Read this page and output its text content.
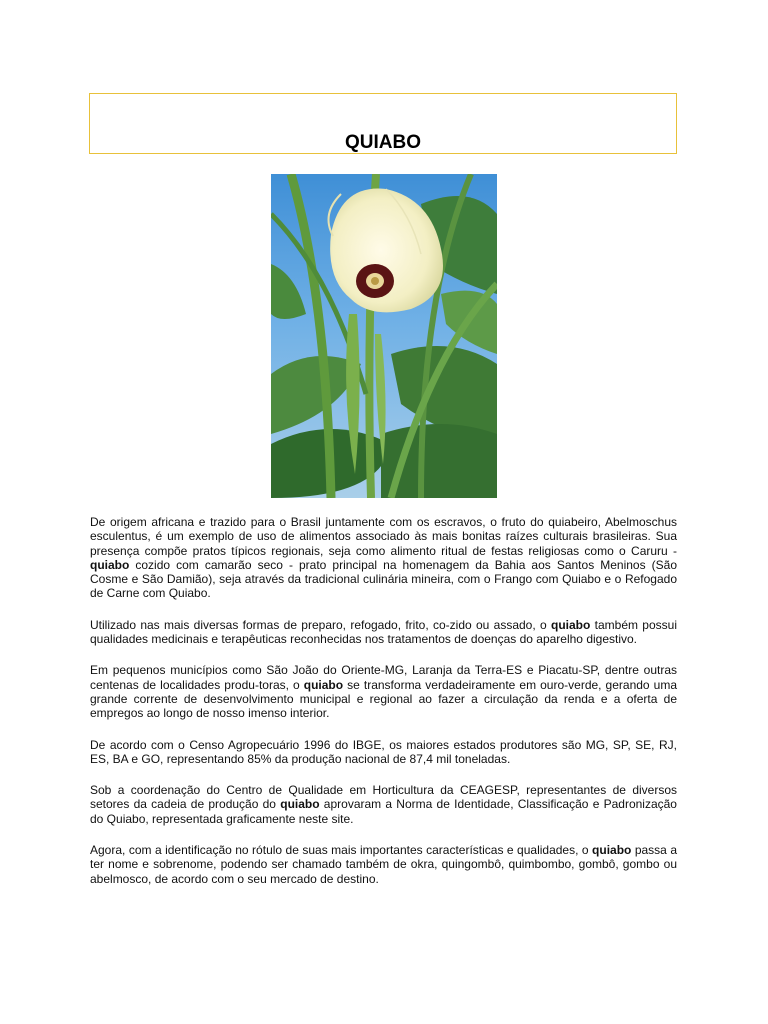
QUIABO

De origem africana e trazido para o Brasil juntamente com os escravos, o fruto do quiabeiro, Abelmoschus esculentus, é um exemplo de uso de alimentos associado às mais bonitas raízes culturais brasileiras. Sua presença compõe pratos típicos regionais, seja como alimento ritual de festas religiosas como o Caruru - quiabo cozido com camarão seco - prato principal na homenagem da Bahia aos Santos Meninos (São Cosme e São Damião), seja através da tradicional culinária mineira, com o Frango com Quiabo e o Refogado de Carne com Quiabo.

Utilizado nas mais diversas formas de preparo, refogado, frito, co-zido ou assado, o quiabo também possui qualidades medicinais e terapêuticas reconhecidas nos tratamentos de doenças do aparelho digestivo.

Em pequenos municípios como São João do Oriente-MG, Laranja da Terra-ES e Piacatu-SP, dentre outras centenas de localidades produ-toras, o quiabo se transforma verdadeiramente em ouro-verde, gerando uma grande corrente de desenvolvimento municipal e regional ao fazer a circulação da renda e a oferta de empregos ao longo de nosso imenso interior.

De acordo com o Censo Agropecuário 1996 do IBGE, os maiores estados produtores são MG, SP, SE, RJ, ES, BA e GO, representando 85% da produção nacional de 87,4 mil toneladas.

Sob a coordenação do Centro de Qualidade em Horticultura da CEAGESP, representantes de diversos setores da cadeia de produção do quiabo aprovaram a Norma de Identidade, Classificação e Padronização do Quiabo, representada graficamente neste site.

Agora, com a identificação no rótulo de suas mais importantes características e qualidades, o quiabo passa a ter nome e sobrenome, podendo ser chamado também de okra, quingombô, quimbombo, gombô, gombo ou abelmosco, de acordo com o seu mercado de destino.
